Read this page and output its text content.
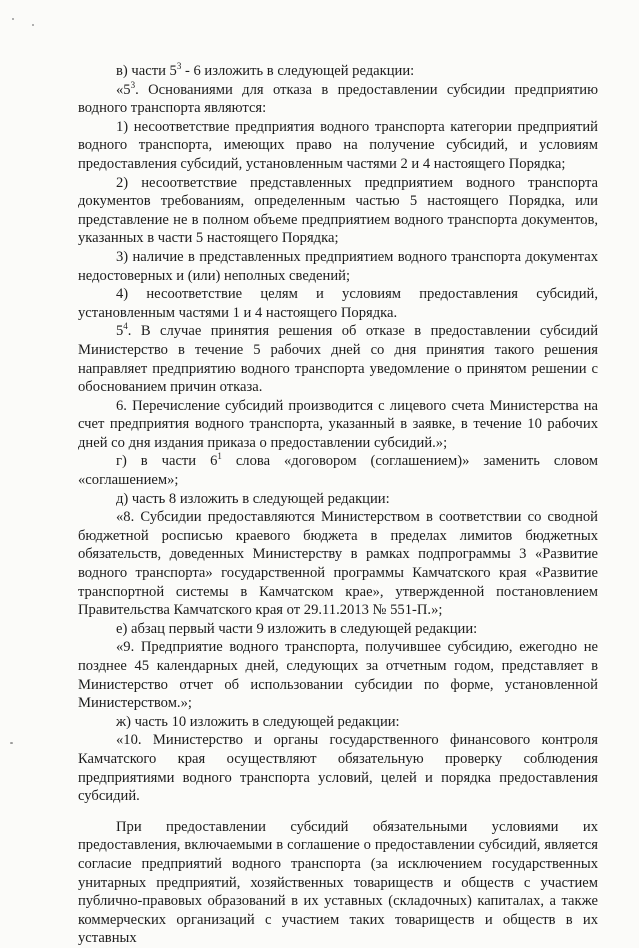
в) части $5^3 - 6$ изложить в следующей редакции:

«$5^3$. Основаниями для отказа в предоставлении субсидии предприятию водного транспорта являются:

1) несоответствие предприятия водного транспорта категории предприятий водного транспорта, имеющих право на получение субсидий, и условиям предоставления субсидий, установленным частями 2 и 4 настоящего Порядка;

2) несоответствие представленных предприятием водного транспорта документов требованиям, определенным частью 5 настоящего Порядка, или представление не в полном объеме предприятием водного транспорта документов, указанных в части 5 настоящего Порядка;

3) наличие в представленных предприятием водного транспорта документах недостоверных и (или) неполных сведений;

4) несоответствие целям и условиям предоставления субсидий, установленным частями 1 и 4 настоящего Порядка.

$5^4$. В случае принятия решения об отказе в предоставлении субсидий Министерство в течение 5 рабочих дней со дня принятия такого решения направляет предприятию водного транспорта уведомление о принятом решении с обоснованием причин отказа.

6. Перечисление субсидий производится с лицевого счета Министерства на счет предприятия водного транспорта, указанный в заявке, в течение 10 рабочих дней со дня издания приказа о предоставлении субсидий.»;

г) в части $6^1$ слова «договором (соглашением)» заменить словом «соглашением»;

д) часть 8 изложить в следующей редакции:

«8. Субсидии предоставляются Министерством в соответствии со сводной бюджетной росписью краевого бюджета в пределах лимитов бюджетных обязательств, доведенных Министерству в рамках подпрограммы 3 «Развитие водного транспорта» государственной программы Камчатского края «Развитие транспортной системы в Камчатском крае», утвержденной постановлением Правительства Камчатского края от 29.11.2013 № 551-П.»;

е) абзац первый части 9 изложить в следующей редакции:

«9. Предприятие водного транспорта, получившее субсидию, ежегодно не позднее 45 календарных дней, следующих за отчетным годом, представляет в Министерство отчет об использовании субсидии по форме, установленной Министерством.»;

ж) часть 10 изложить в следующей редакции:

«10. Министерство и органы государственного финансового контроля Камчатского края осуществляют обязательную проверку соблюдения предприятиями водного транспорта условий, целей и порядка предоставления субсидий.

При предоставлении субсидий обязательными условиями их предоставления, включаемыми в соглашение о предоставлении субсидий, является согласие предприятий водного транспорта (за исключением государственных унитарных предприятий, хозяйственных товариществ и обществ с участием публично-правовых образований в их уставных (складочных) капиталах, а также коммерческих организаций с участием таких товариществ и обществ в их уставных
